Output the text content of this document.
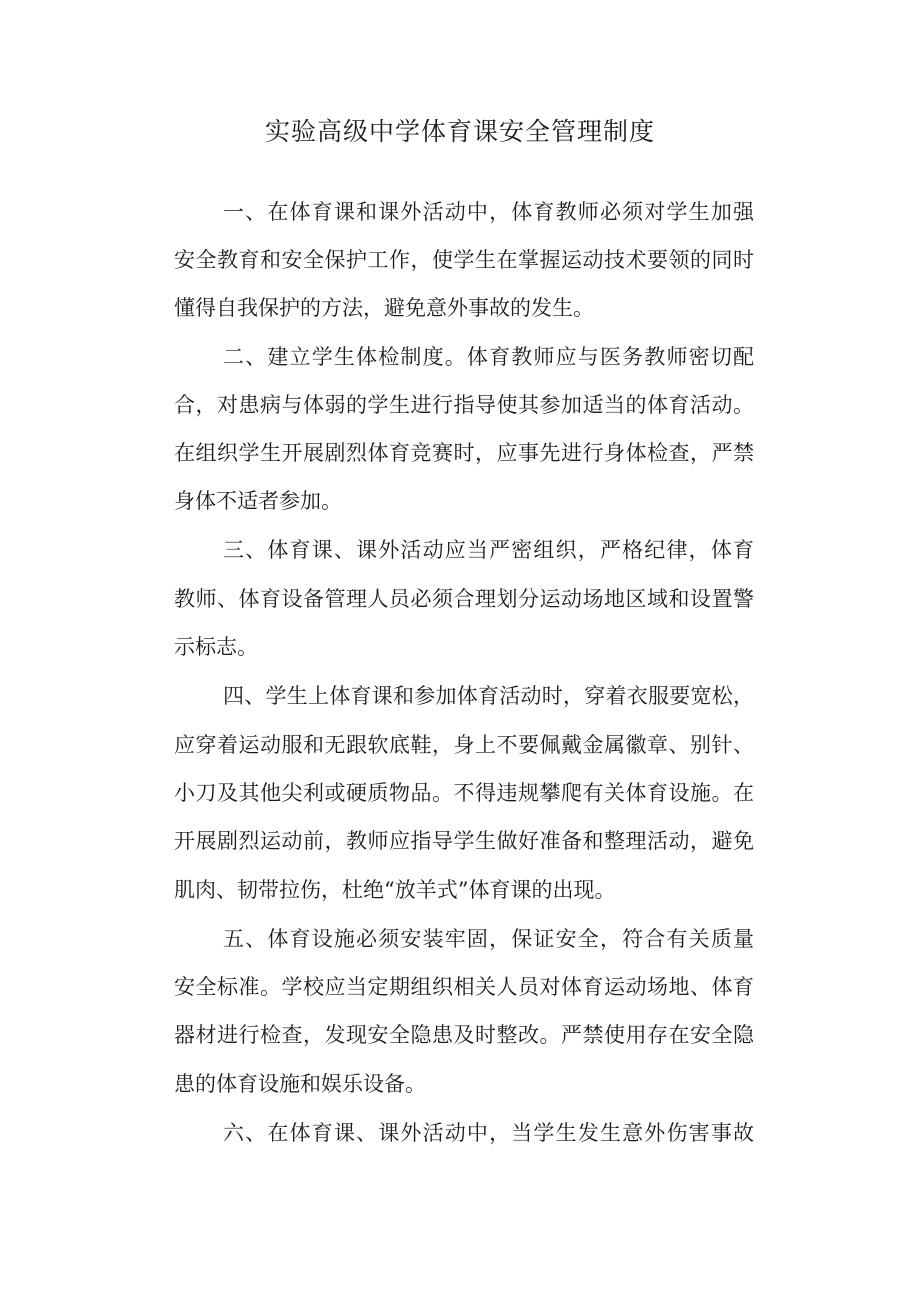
实验高级中学体育课安全管理制度
一、在体育课和课外活动中，体育教师必须对学生加强
安全教育和安全保护工作，使学生在掌握运动技术要领的同时
懂得自我保护的方法，避免意外事故的发生。
二、建立学生体检制度。体育教师应与医务教师密切配
合，对患病与体弱的学生进行指导使其参加适当的体育活动。
在组织学生开展剧烈体育竞赛时，应事先进行身体检查，严禁
身体不适者参加。
三、体育课、课外活动应当严密组织，严格纪律，体育
教师、体育设备管理人员必须合理划分运动场地区域和设置警
示标志。
四、学生上体育课和参加体育活动时，穿着衣服要宽松，
应穿着运动服和无跟软底鞋，身上不要佩戴金属徽章、别针、
小刀及其他尖利或硬质物品。不得违规攀爬有关体育设施。在
开展剧烈运动前，教师应指导学生做好准备和整理活动，避免
肌肉、韧带拉伤，杜绝“放羊式”体育课的出现。
五、体育设施必须安装牢固，保证安全，符合有关质量
安全标准。学校应当定期组织相关人员对体育运动场地、体育
器材进行检查，发现安全隐患及时整改。严禁使用存在安全隐
患的体育设施和娱乐设备。
六、在体育课、课外活动中，当学生发生意外伤害事故
